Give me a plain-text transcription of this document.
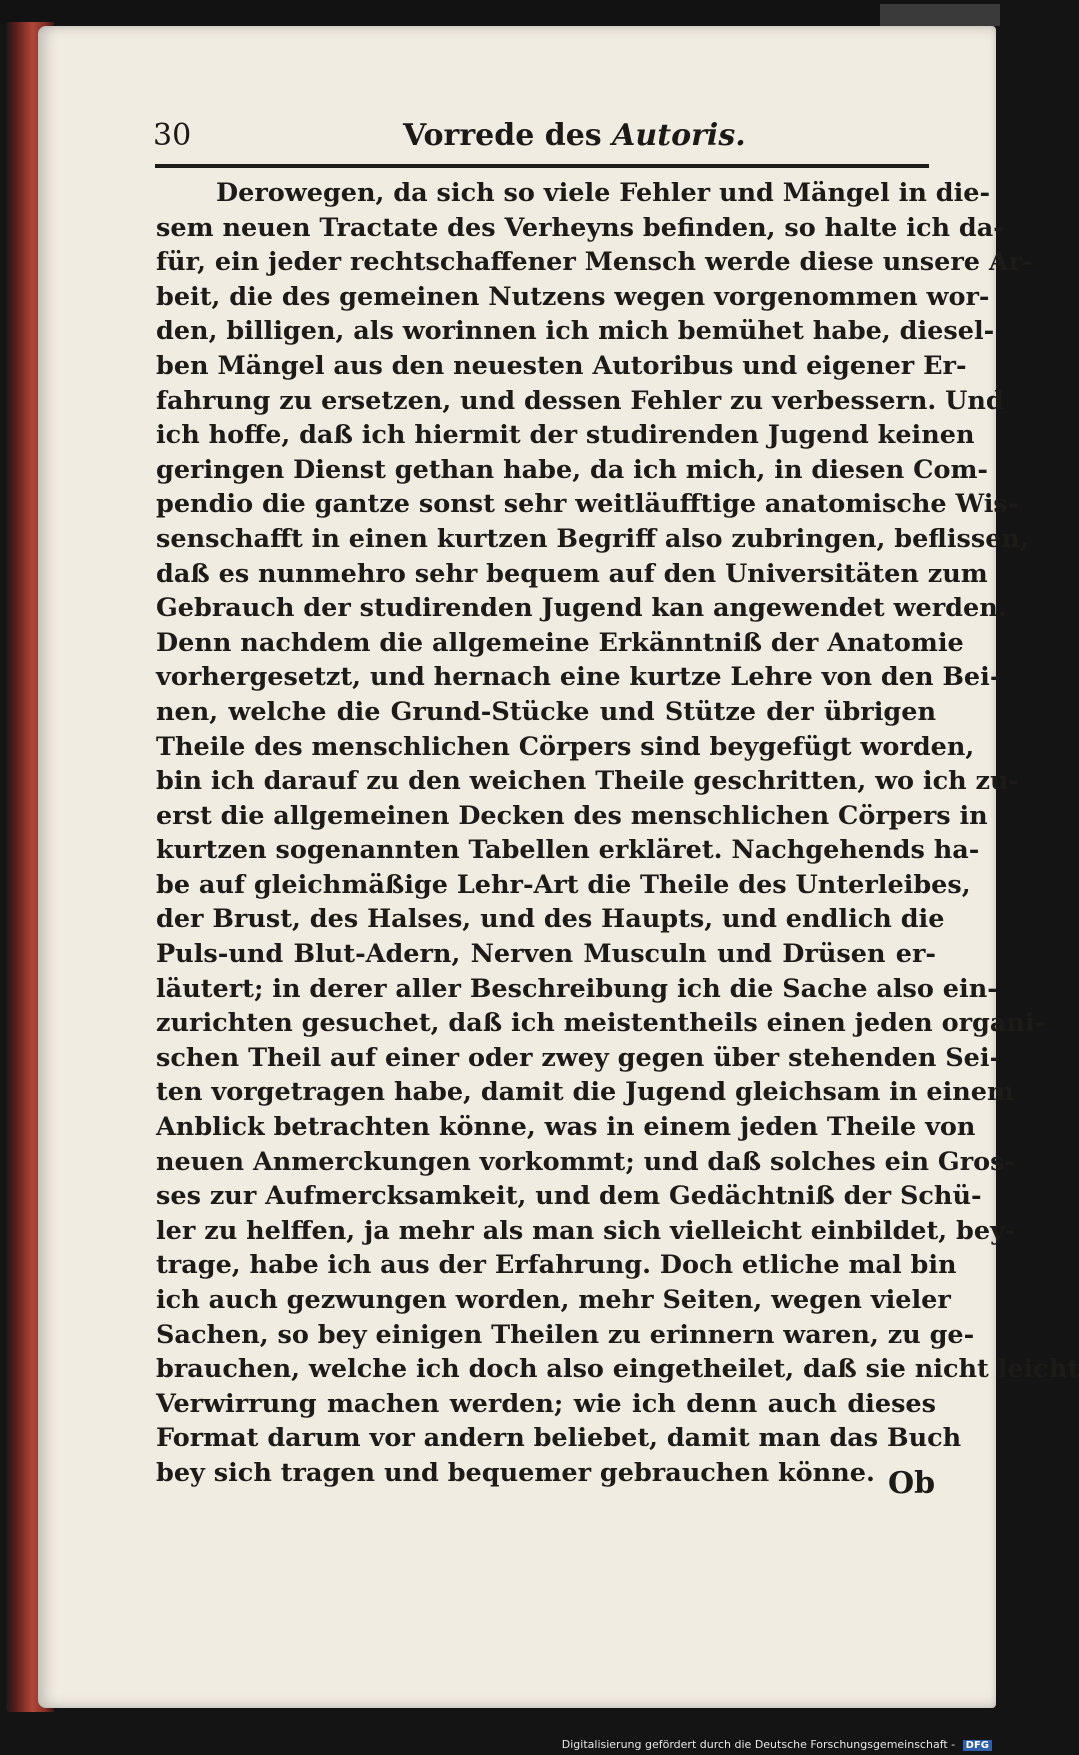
30	Vorrede des Autoris.
Derowegen, da sich so viele Fehler und Mängel in die-
sem neuen Tractate des Verheyns befinden, so halte ich da-
für, ein jeder rechtschaffener Mensch werde diese unsere Ar-
beit, die des gemeinen Nutzens wegen vorgenommen wor-
den, billigen, als worinnen ich mich bemühet habe, diesel-
ben Mängel aus den neuesten Autoribus und eigener Er-
fahrung zu ersetzen, und dessen Fehler zu verbessern. Und
ich hoffe, daß ich hiermit der studirenden Jugend keinen
geringen Dienst gethan habe, da ich mich, in diesen Com-
pendio die gantze sonst sehr weitläufftige anatomische Wis-
senschafft in einen kurtzen Begriff also zubringen, beflissen,
daß es nunmehro sehr bequem auf den Universitäten zum
Gebrauch der studirenden Jugend kan angewendet werden.
Denn nachdem die allgemeine Erkänntniß der Anatomie
vorhergesetzt, und hernach eine kurtze Lehre von den Bei-
nen, welche die Grund-Stücke und Stütze der übrigen
Theile des menschlichen Cörpers sind beygefügt worden,
bin ich darauf zu den weichen Theile geschritten, wo ich zu-
erst die allgemeinen Decken des menschlichen Cörpers in
kurtzen sogenannten Tabellen erkläret. Nachgehends ha-
be auf gleichmäßige Lehr-Art die Theile des Unterleibes,
der Brust, des Halses, und des Haupts, und endlich die
Puls-und Blut-Adern, Nerven Musculn und Drüsen er-
läutert; in derer aller Beschreibung ich die Sache also ein-
zurichten gesuchet, daß ich meistentheils einen jeden organi-
schen Theil auf einer oder zwey gegen über stehenden Sei-
ten vorgetragen habe, damit die Jugend gleichsam in einem
Anblick betrachten könne, was in einem jeden Theile von
neuen Anmerckungen vorkommt; und daß solches ein Gros-
ses zur Aufmercksamkeit, und dem Gedächtniß der Schü-
ler zu helffen, ja mehr als man sich vielleicht einbildet, bey-
trage, habe ich aus der Erfahrung. Doch etliche mal bin
ich auch gezwungen worden, mehr Seiten, wegen vieler
Sachen, so bey einigen Theilen zu erinnern waren, zu ge-
brauchen, welche ich doch also eingetheilet, daß sie nicht leicht
Verwirrung machen werden; wie ich denn auch dieses
Format darum vor andern beliebet, damit man das Buch
bey sich tragen und bequemer gebrauchen könne. Ob
Digitalisierung gefördert durch die Deutsche Forschungsgemeinschaft - DFG
